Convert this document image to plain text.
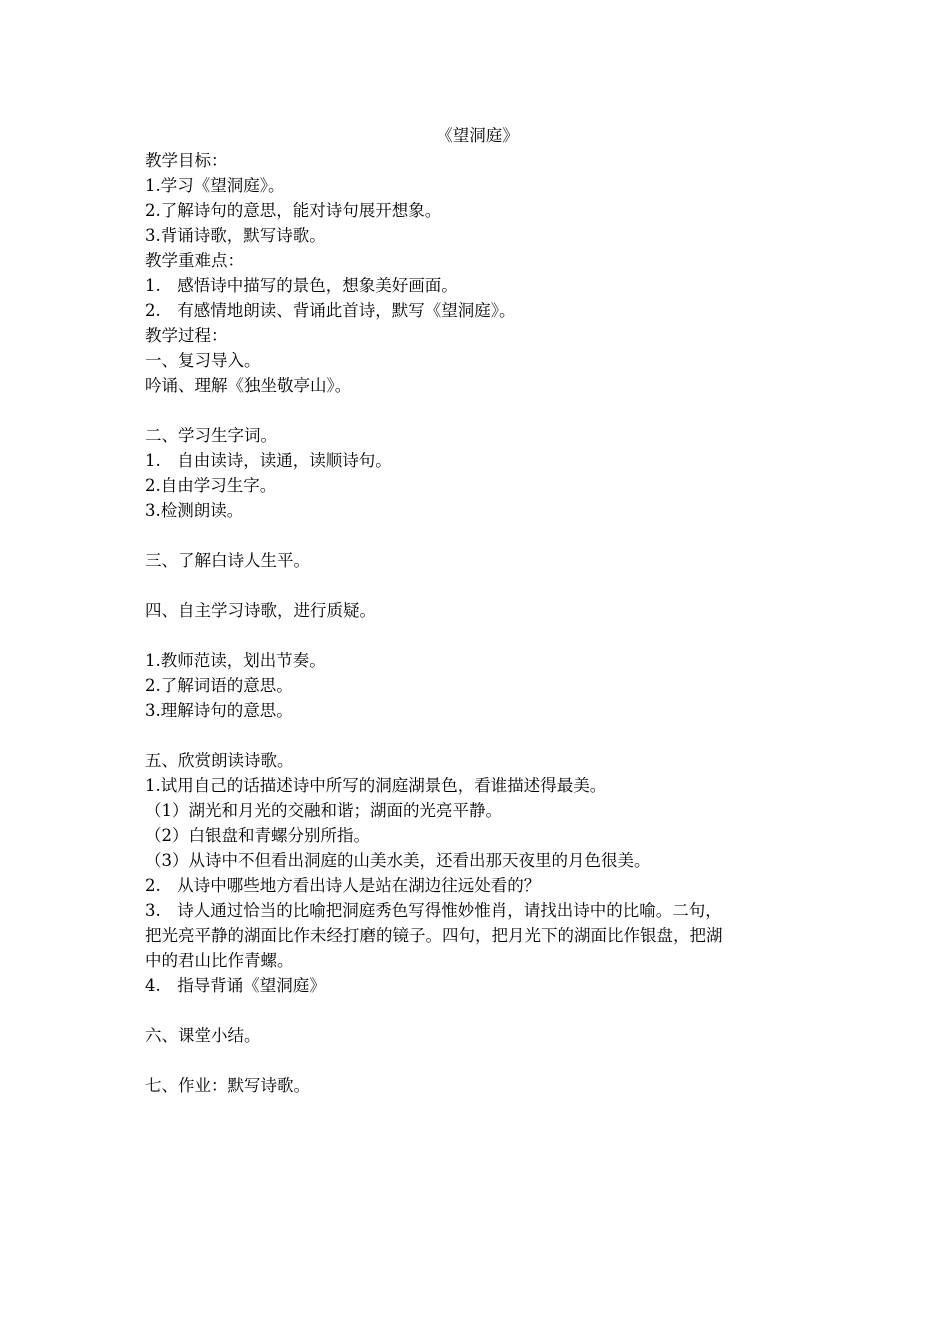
《望洞庭》
教学目标：
1.学习《望洞庭》。
2.了解诗句的意思，能对诗句展开想象。
3.背诵诗歌，默写诗歌。
教学重难点：
1.　感悟诗中描写的景色，想象美好画面。
2.　有感情地朗读、背诵此首诗，默写《望洞庭》。
教学过程：
一、复习导入。
吟诵、理解《独坐敬亭山》。
二、学习生字词。
1.　自由读诗，读通，读顺诗句。
2.自由学习生字。
3.检测朗读。
三、了解白诗人生平。
四、自主学习诗歌，进行质疑。
1.教师范读，划出节奏。
2.了解词语的意思。
3.理解诗句的意思。
五、欣赏朗读诗歌。
1.试用自己的话描述诗中所写的洞庭湖景色，看谁描述得最美。
（1）湖光和月光的交融和谐；湖面的光亮平静。
（2）白银盘和青螺分别所指。
（3）从诗中不但看出洞庭的山美水美，还看出那天夜里的月色很美。
2.　从诗中哪些地方看出诗人是站在湖边往远处看的？
3.　诗人通过恰当的比喻把洞庭秀色写得惟妙惟肖，请找出诗中的比喻。二句，
把光亮平静的湖面比作未经打磨的镜子。四句，把月光下的湖面比作银盘，把湖
中的君山比作青螺。
4.　指导背诵《望洞庭》
六、课堂小结。
七、作业：默写诗歌。
